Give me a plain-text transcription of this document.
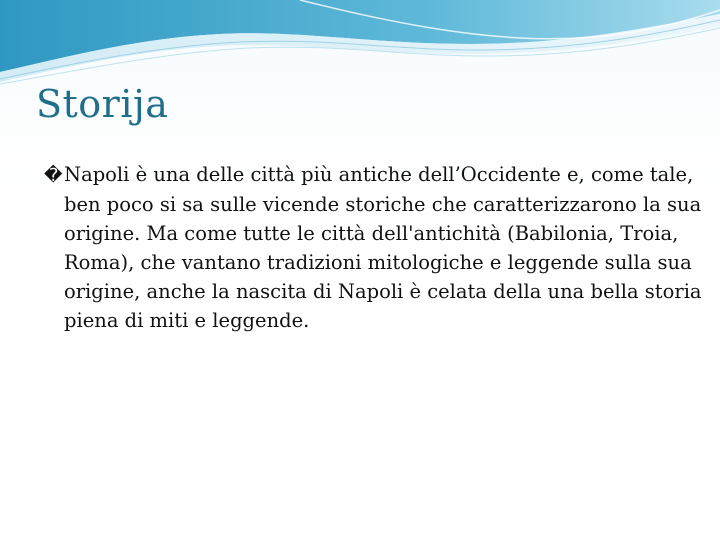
Storija

�Napoli è una delle città più antiche dell’Occidente e, come tale, ben poco si sa sulle vicende storiche che caratterizzarono la sua origine. Ma come tutte le città dell'antichità (Babilonia, Troia, Roma), che vantano tradizioni mitologiche e leggende sulla sua origine, anche la nascita di Napoli è celata della una bella storia piena di miti e leggende.
